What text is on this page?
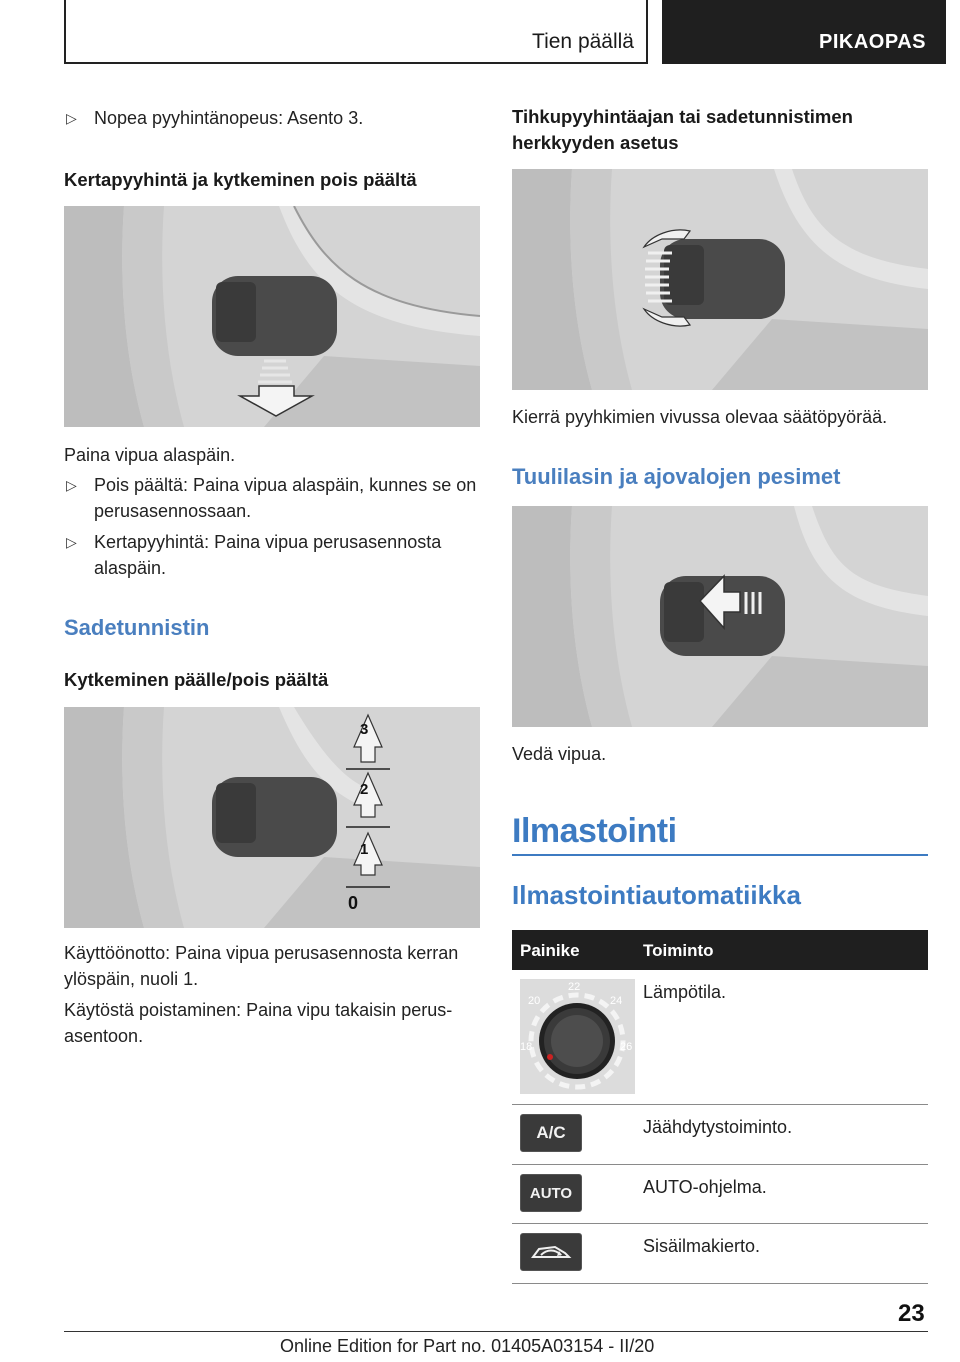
Tien päällä	PIKAOPAS
▷ Nopea pyyhintänopeus: Asento 3.
Kertapyyhintä ja kytkeminen pois päältä
Paina vipua alaspäin.
▷ Pois päältä: Paina vipua alaspäin, kunnes se on perusasennossaan.
▷ Kertapyyhintä: Paina vipua perusasennosta alaspäin.
Sadetunnistin
Kytkeminen päälle/pois päältä
3
2
1
0
Käyttöönotto: Paina vipua perusasennosta kerran ylöspäin, nuoli 1.
Käytöstä poistaminen: Paina vipu takaisin perusasentoon.
Tihkupyyhintäajan tai sadetunnistimen herkkyyden asetus
Kierrä pyyhkimien vivussa olevaa säätöpyörää.
Tuulilasin ja ajovalojen pesimet
Vedä vipua.
Ilmastointi
Ilmastointiautomatiikka
Painike	Toiminto
22
20	24
18	26
Lämpötila.
A/C	Jäähdytystoiminto.
AUTO	AUTO-ohjelma.
Sisäilmakierto.
23
Online Edition for Part no. 01405A03154 - II/20
